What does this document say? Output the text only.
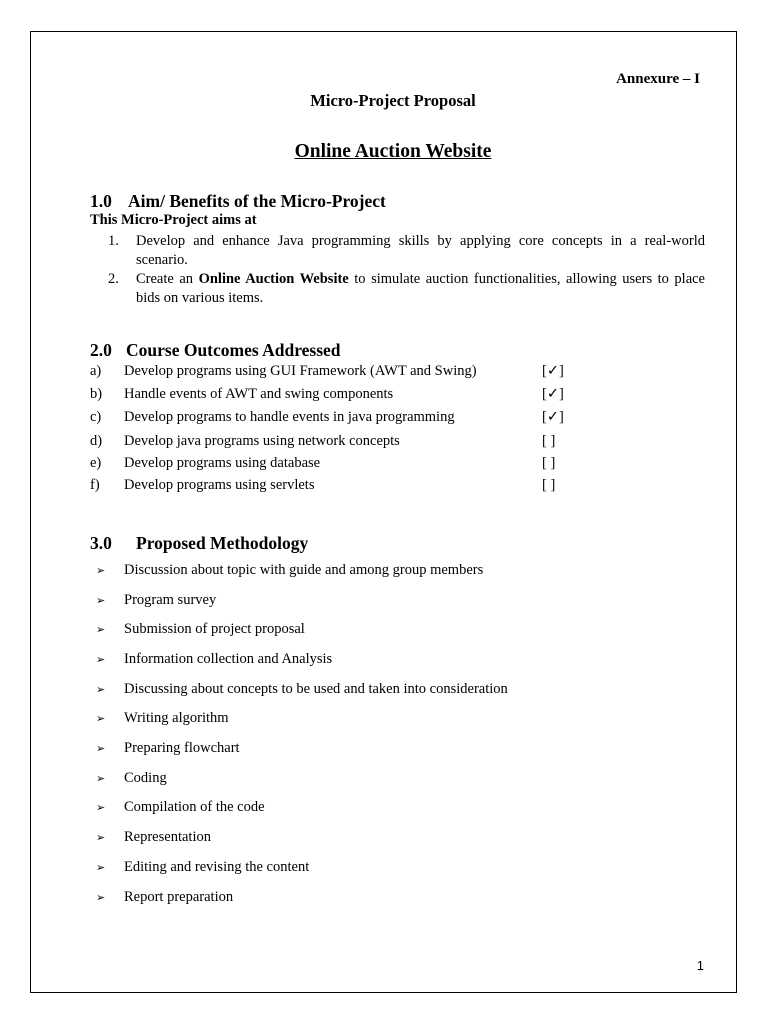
Annexure – I
Micro-Project Proposal
Online Auction Website
1.0 Aim/ Benefits of the Micro-Project
This Micro-Project aims at
1.	Develop and enhance Java programming skills by applying core concepts in a real-world scenario.
2.	Create an Online Auction Website to simulate auction functionalities, allowing users to place bids on various items.
2.0 Course Outcomes Addressed
a) Develop programs using GUI Framework (AWT and Swing)	[✓]
b) Handle events of AWT and swing components	[✓]
c) Develop programs to handle events in java programming	[✓]
d) Develop java programs using network concepts	[ ]
e) Develop programs using database	[ ]
f) Develop programs using servlets	[ ]
3.0 Proposed Methodology
➢ Discussion about topic with guide and among group members
➢ Program survey
➢ Submission of project proposal
➢ Information collection and Analysis
➢ Discussing about concepts to be used and taken into consideration
➢ Writing algorithm
➢ Preparing flowchart
➢ Coding
➢ Compilation of the code
➢ Representation
➢ Editing and revising the content
➢ Report preparation
1
